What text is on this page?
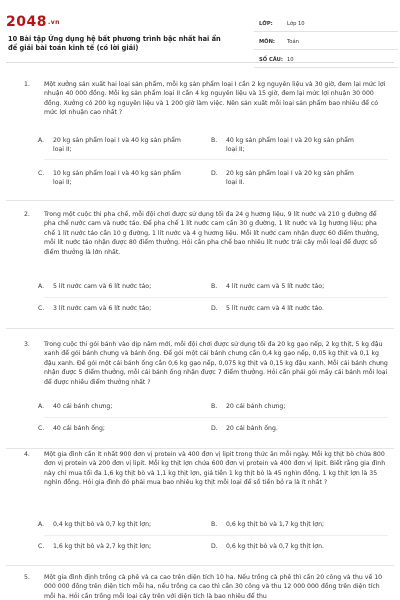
2048.vn
10 Bài tập Ứng dụng hệ bất phương trình bậc nhất hai ẩn để giải bài toán kinh tế (có lời giải)
LỚP:	Lớp 10
MÔN: Toán
SỐ CÂU: 10
1. Một xưởng sản xuất hai loại sản phẩm, mỗi kg sản phẩm loại I cần 2 kg nguyên liệu và 30 giờ, đem lại mức lợi nhuận 40 000 đồng. Mỗi kg sản phẩm loại II cần 4 kg nguyên liệu và 15 giờ, đem lại mức lợi nhuận 30 000 đồng. Xưởng có 200 kg nguyên liệu và 1 200 giờ làm việc. Nên sản xuất mỗi loại sản phẩm bao nhiêu để có mức lợi nhuận cao nhất ?
A. 20 kg sản phẩm loại I và 40 kg sản phẩm loại II;
B. 40 kg sản phẩm loại I và 20 kg sản phẩm loại II;
C. 10 kg sản phẩm loại I và 40 kg sản phẩm loại II;
D. 20 kg sản phẩm loại I và 20 kg sản phẩm loại II.
2. Trong một cuộc thi pha chế, mỗi đội chơi được sử dụng tối đa 24 g hương liệu, 9 lít nước và 210 g đường để pha chế nước cam và nước táo. Để pha chế 1 lít nước cam cần 30 g đường, 1 lít nước và 1g hương liệu; pha chế 1 lít nước táo cần 10 g đường, 1 lít nước và 4 g hương liệu. Mỗi lít nước cam nhận được 60 điểm thưởng, mỗi lít nước táo nhận được 80 điểm thưởng. Hỏi cần pha chế bao nhiêu lít nước trái cây mỗi loại để được số điểm thưởng là lớn nhất.
A. 5 lít nước cam và 6 lít nước táo;	B. 4 lít nước cam và 5 lít nước táo;
C. 3 lít nước cam và 6 lít nước táo;	D. 5 lít nước cam và 4 lít nước táo.
3. Trong cuộc thi gói bánh vào dịp năm mới, mỗi đội chơi được sử dụng tối đa 20 kg gạo nếp, 2 kg thịt, 5 kg đậu xanh để gói bánh chưng và bánh ống. Để gói một cái bánh chưng cần 0,4 kg gạo nếp, 0,05 kg thịt và 0,1 kg đậu xanh. Để gói một cái bánh ống cần 0,6 kg gạo nếp, 0,075 kg thịt và 0,15 kg đậu xanh. Mỗi cái bánh chưng nhận được 5 điểm thưởng, mỗi cái bánh ống nhận được 7 điểm thưởng. Hỏi cần phải gói mấy cái bánh mỗi loại để được nhiều điểm thưởng nhất ?
A. 40 cái bánh chưng;	B. 20 cái bánh chưng;
C. 40 cái bánh ống;	D. 20 cái bánh ống.
4. Một gia đình cần ít nhất 900 đơn vị protein và 400 đơn vị lipit trong thức ăn mỗi ngày. Mỗi kg thịt bò chứa 800 đơn vị protein và 200 đơn vị lipit. Mỗi kg thịt lợn chứa 600 đơn vị protein và 400 đơn vị lipit. Biết rằng gia đình này chỉ mua tối đa 1,6 kg thịt bò và 1,1 kg thịt lợn, giá tiền 1 kg thịt bò là 45 nghìn đồng, 1 kg thịt lợn là 35 nghìn đồng. Hỏi gia đình đó phải mua bao nhiêu kg thịt mỗi loại để số tiền bỏ ra là ít nhất ?
A. 0,4 kg thịt bò và 0,7 kg thịt lợn;	B. 0,6 kg thịt bò và 1,7 kg thịt lợn;
C. 1,6 kg thịt bò và 2,7 kg thịt lợn;	D. 0,6 kg thịt bò và 0,7 kg thịt lợn.
5. Một gia đình định trồng cà phê và ca cao trên diện tích 10 ha. Nếu trồng cà phê thì cần 20 công và thu về 10 000 000 đồng trên diện tích mỗi ha, nếu trồng ca cao thì cần 30 công và thu 12 000 000 đồng trên diện tích mỗi ha. Hỏi cần trồng mỗi loại cây trên với diện tích là bao nhiêu để thu
